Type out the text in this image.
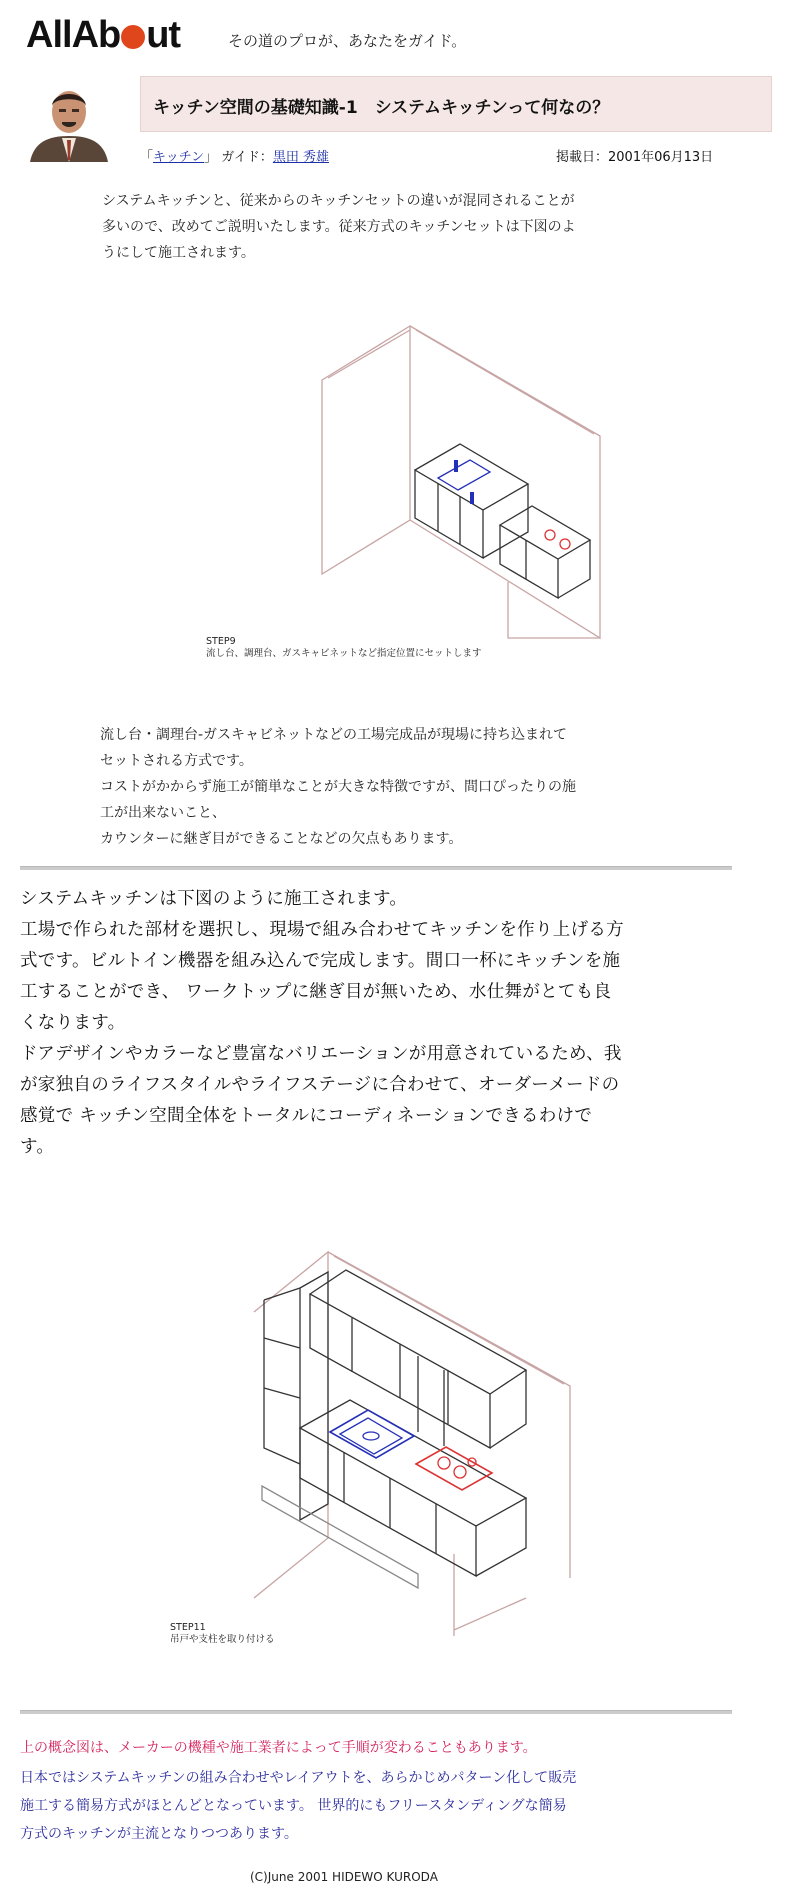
AllAb ut	その道のプロが、あなたをガイド。
キッチン空間の基礎知識-1　システムキッチンって何なの？
「キッチン」 ガイド：黒田 秀雄	掲載日：2001年06月13日
システムキッチンと、従来からのキッチンセットの違いが混同されることが
多いので、改めてご説明いたします。従来方式のキッチンセットは下図のよ
うにして施工されます。
STEP9
流し台、調理台、ガスキャビネットなど指定位置にセットします
流し台・調理台-ガスキャビネットなどの工場完成品が現場に持ち込まれて
セットされる方式です。
コストがかからず施工が簡単なことが大きな特徴ですが、間口ぴったりの施
工が出来ないこと、
カウンターに継ぎ目ができることなどの欠点もあります。
システムキッチンは下図のように施工されます。
工場で作られた部材を選択し、現場で組み合わせてキッチンを作り上げる方
式です。ビルトイン機器を組み込んで完成します。間口一杯にキッチンを施
工することができ、 ワークトップに継ぎ目が無いため、水仕舞がとても良
くなります。
ドアデザインやカラーなど豊富なバリエーションが用意されているため、我
が家独自のライフスタイルやライフステージに合わせて、オーダーメードの
感覚で キッチン空間全体をトータルにコーディネーションできるわけで
す。
STEP11
吊戸や支柱を取り付ける
上の概念図は、メーカーの機種や施工業者によって手順が変わることもあります。
日本ではシステムキッチンの組み合わせやレイアウトを、あらかじめパターン化して販売
施工する簡易方式がほとんどとなっています。 世界的にもフリースタンディングな簡易
方式のキッチンが主流となりつつあります。
(C)June 2001 HIDEWO KURODA
